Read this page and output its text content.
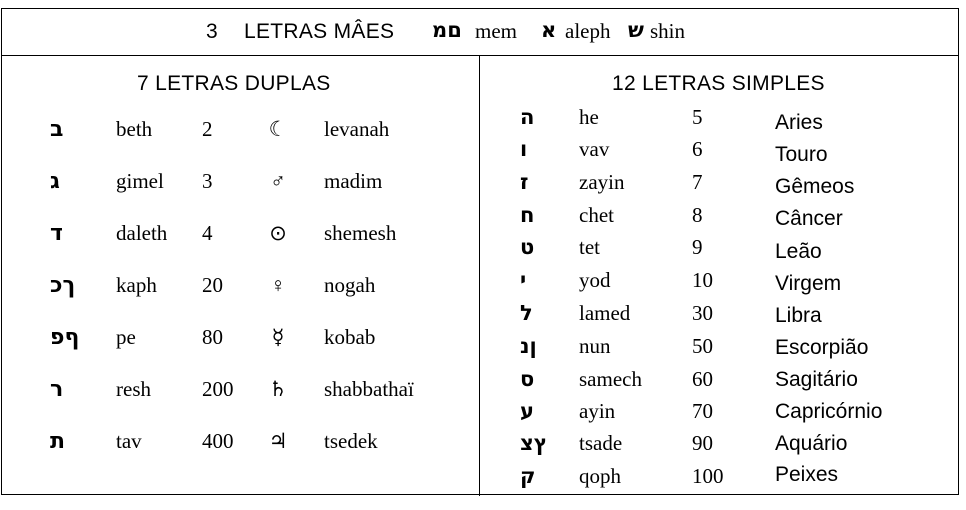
3 LETRAS MÂES םמ mem א aleph ש shin
7 LETRAS DUPLAS	12 LETRAS SIMPLES
ב	beth 2	☾ levanah
ג	gimel 3	♂ madim
ד	daleth 4	⊙ shemesh
ךכ kaph 20 ♀ nogah
ףפ pe	80 ☿ kobab
ר	resh 200 ♄ shabbathaï
ת tav	400 ♃ tsedek
ה he	5	Aries
ו vav	6	Touro
ז zayin	7	Gêmeos
ח chet	8	Câncer
ט tet	9	Leão
י	yod	10	Virgem
ל lamed	30	Libra
ןנ nun	50	Escorpião
ס samech 60	Sagitário
ע ayin	70	Capricórnio
ץצ tsade	90	Aquário
ק qoph	100 Peixes
